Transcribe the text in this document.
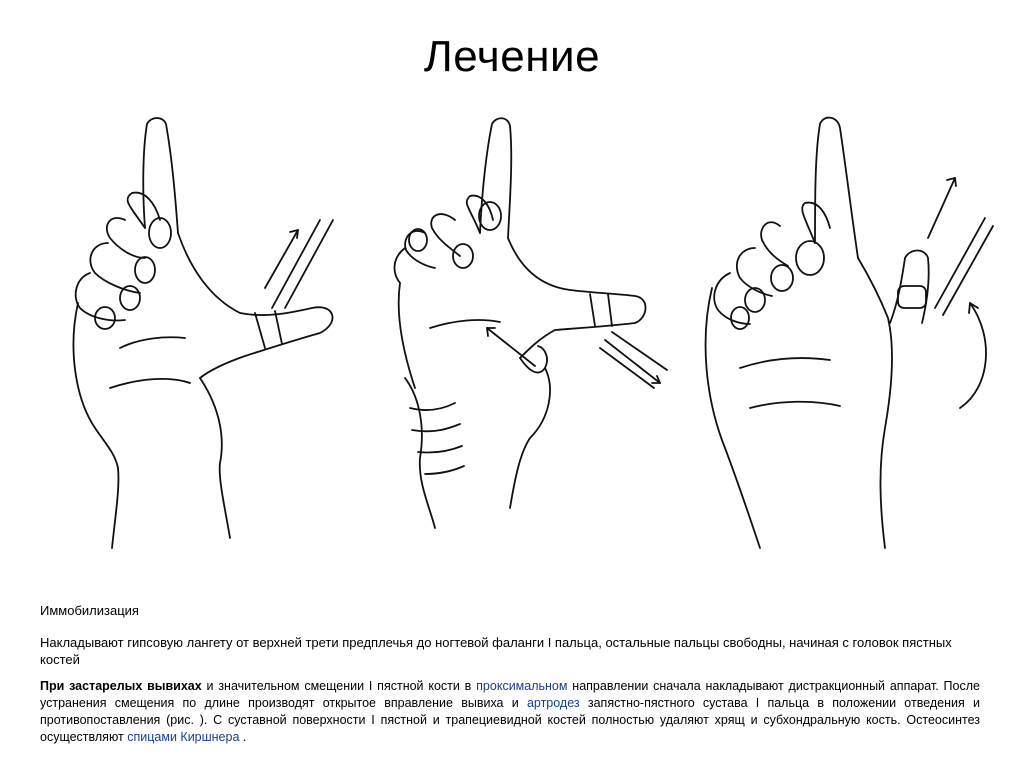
Лечение

Иммобилизация

Накладывают гипсовую лангету от верхней трети предплечья до ногтевой фаланги I пальца, остальные пальцы свободны, начиная с головок пястных костей

При застарелых вывихах и значительном смещении I пястной кости в проксимальном направлении сначала накладывают дистракционный аппарат. После устранения смещения по длине производят открытое вправление вывиха и артродез запястно-пястного сустава I пальца в положении отведения и противопоставления (рис. ). С суставной поверхности I пястной и трапециевидной костей полностью удаляют хрящ и субхондральную кость. Остеосинтез осуществляют спицами Киршнера .
